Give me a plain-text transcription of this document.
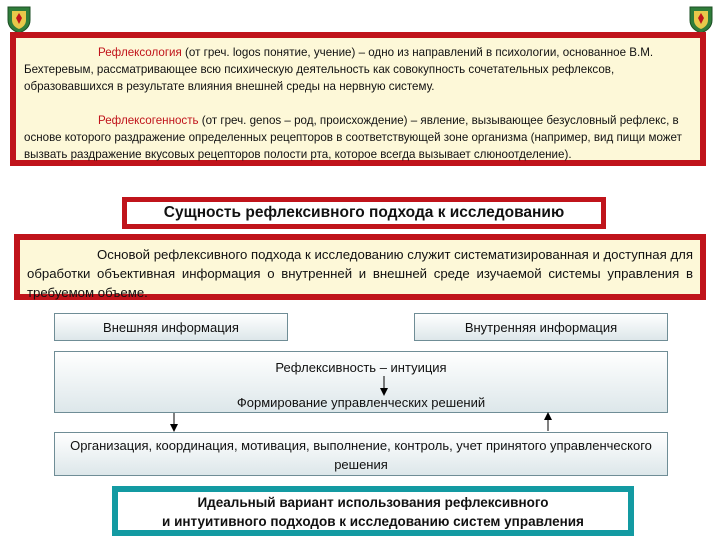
Рефлексология (от греч. logos понятие, учение) – одно из направлений в психологии, основанное В.М. Бехтеревым, рассматривающее всю психическую деятельность как совокупность сочетательных рефлексов, образовавшихся в результате влияния внешней среды на нервную систему.

Рефлексогенность (от греч. genos – род, происхождение) – явление, вызывающее безусловный рефлекс, в основе которого раздражение определенных рецепторов в соответствующей зоне организма (например, вид пищи может вызвать раздражение вкусовых рецепторов полости рта, которое всегда вызывает слюноотделение).

Сущность рефлексивного подхода к исследованию
Основой рефлексивного подхода к исследованию служит систематизированная и доступная для обработки объективная информация о внутренней и внешней среде изучаемой системы управления в требуемом объеме.
Внешняя информация	Внутренняя информация
Рефлексивность – интуиция
Формирование управленческих решений
Организация, координация, мотивация, выполнение, контроль, учет принятого управленческого решения
Идеальный вариант использования рефлексивного
и интуитивного подходов к исследованию систем управления
